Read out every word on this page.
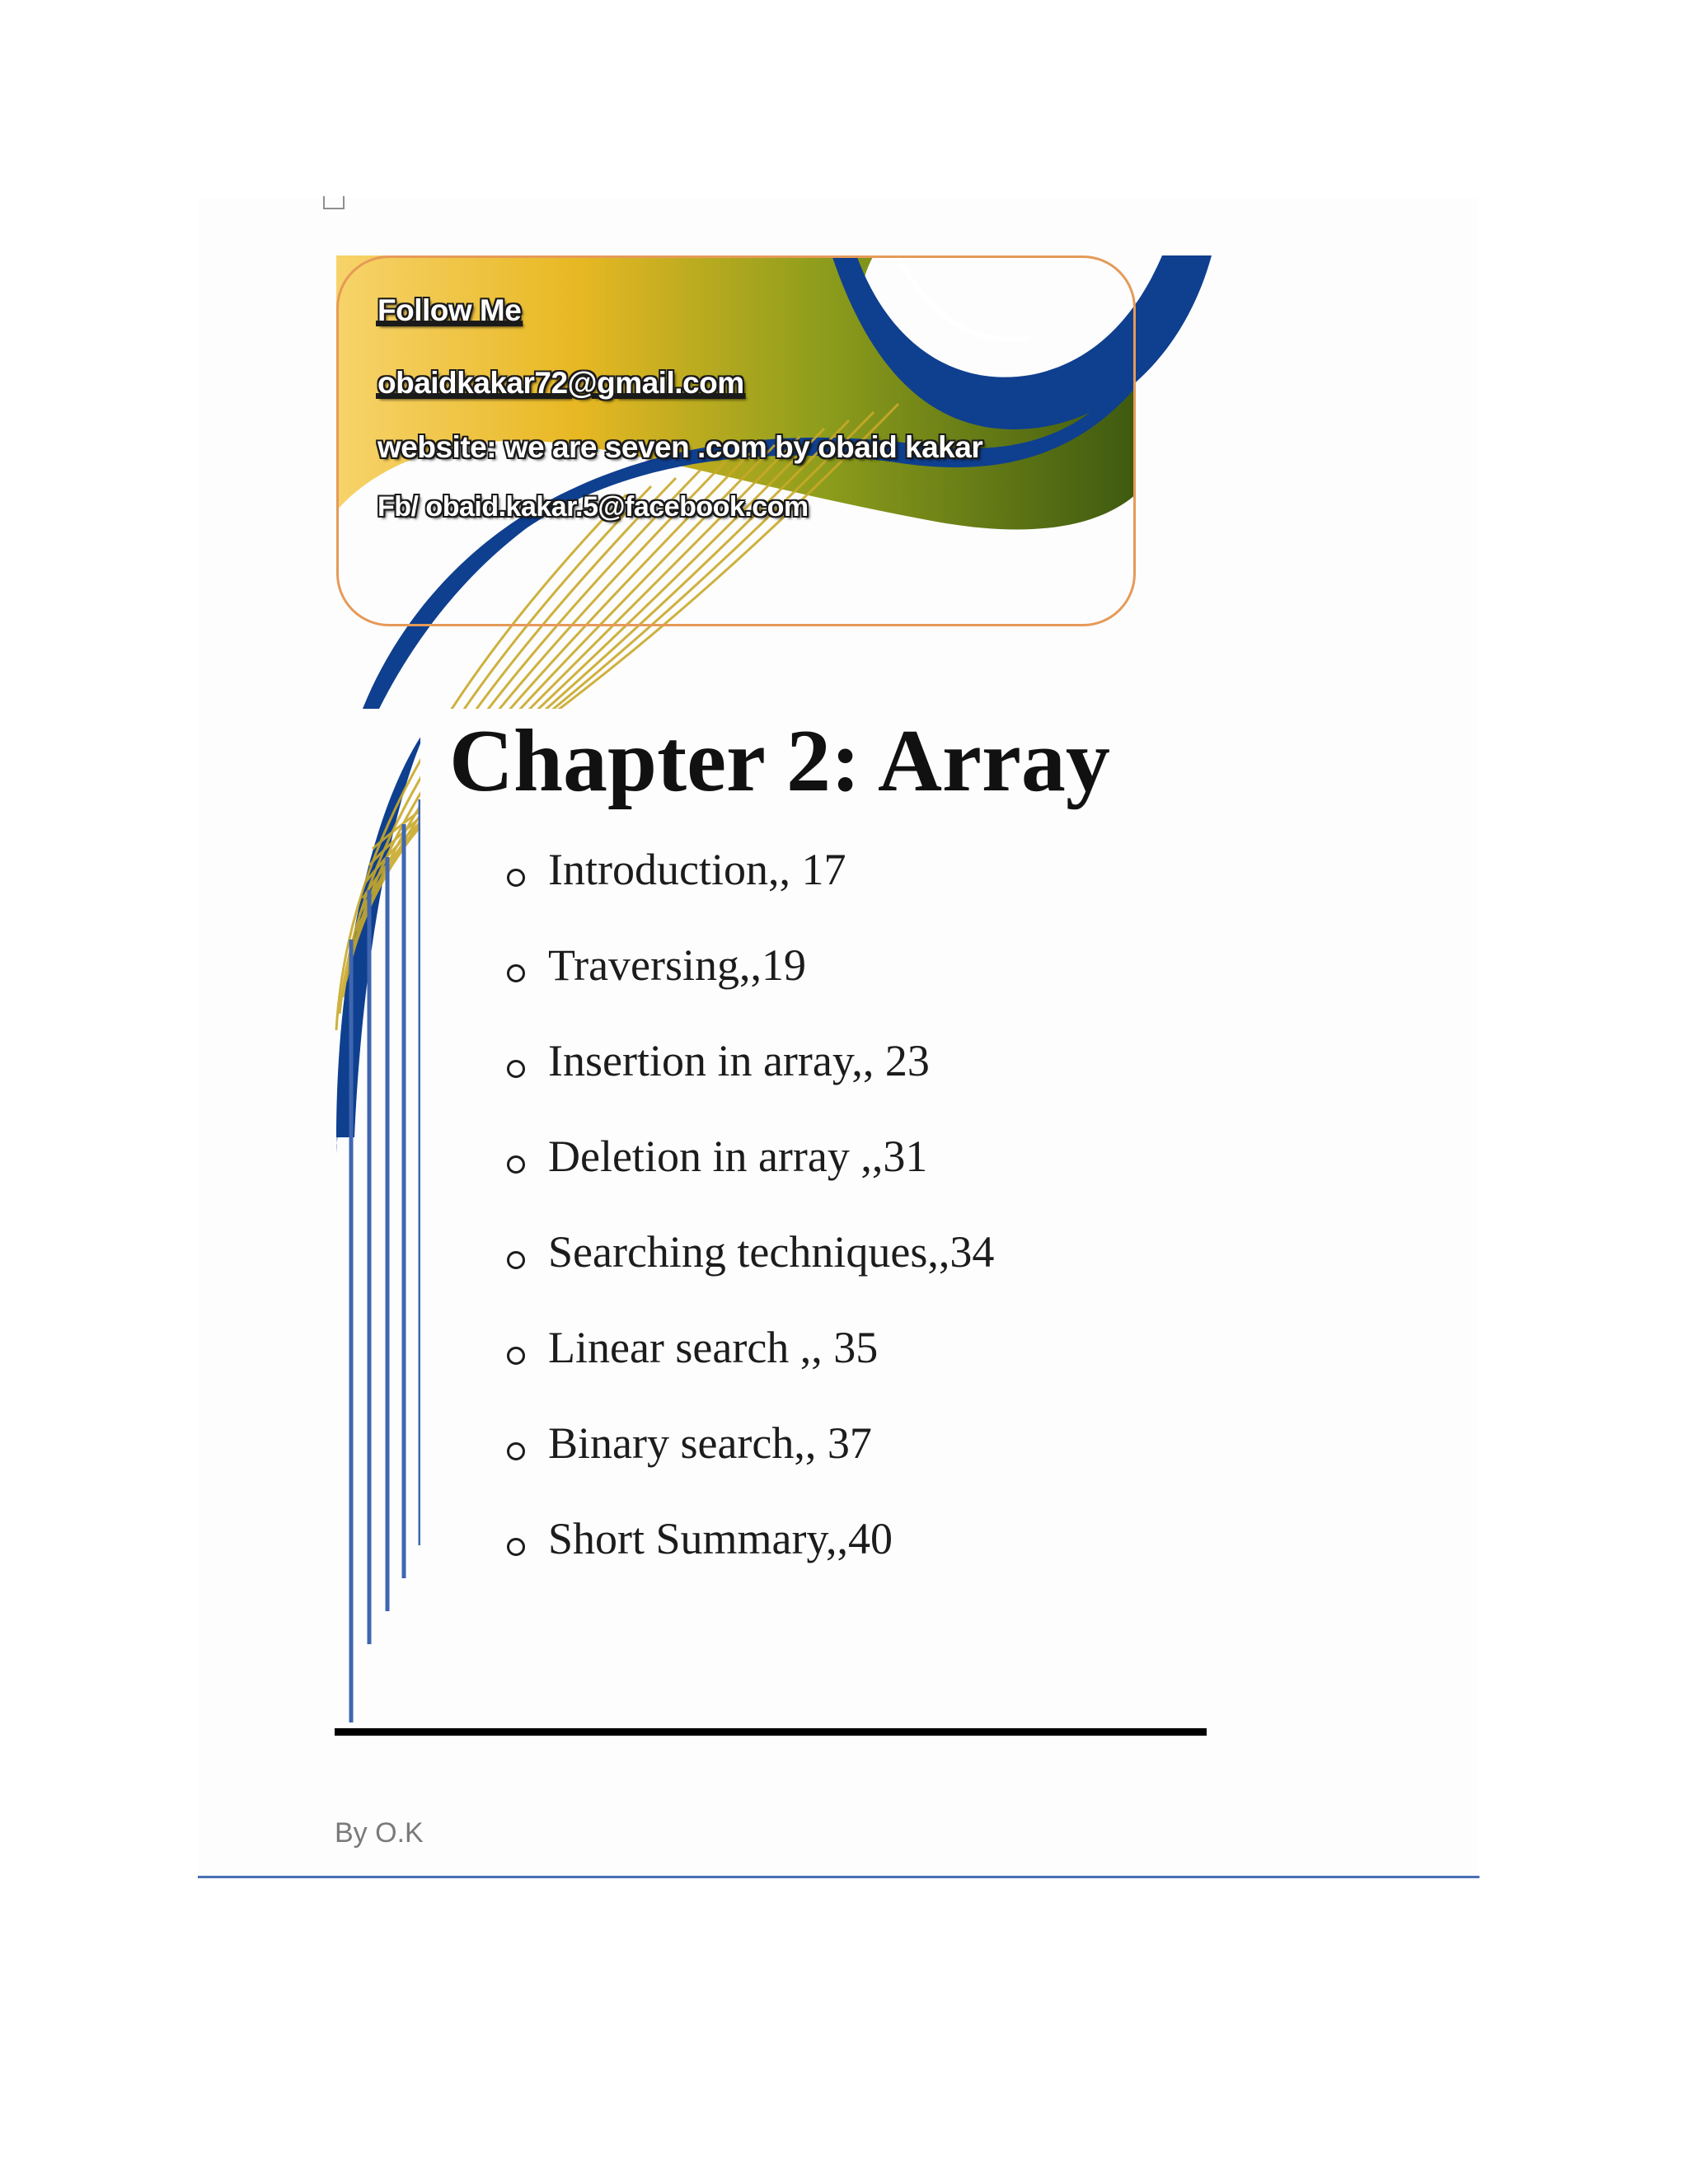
Follow Me
obaidkakar72@gmail.com
website: we are seven .com by obaid kakar
Fb/ obaid.kakar.5@facebook.com
Chapter 2: Array
Introduction,, 17
Traversing,,19
Insertion in array,, 23
Deletion in array ,,31
Searching techniques,,34
Linear search ,, 35
Binary search,, 37
Short Summary,,40
By O.K
